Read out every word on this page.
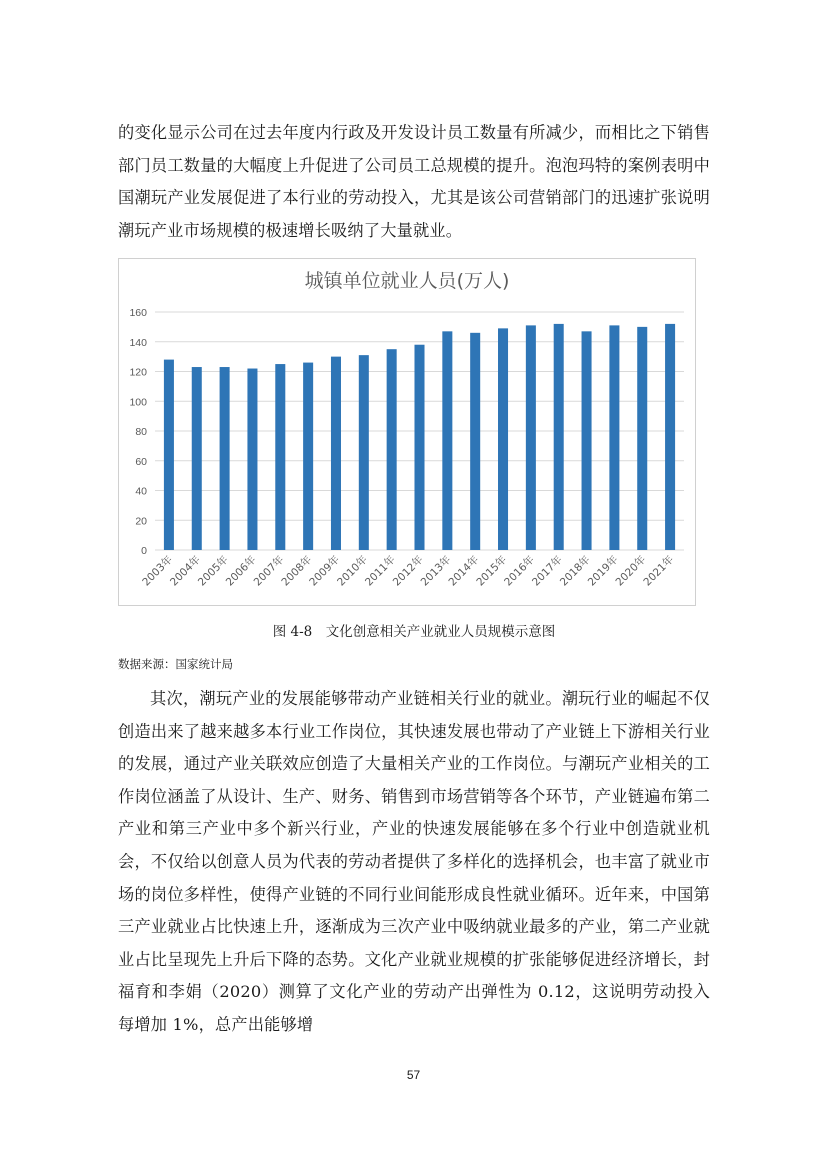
的变化显示公司在过去年度内行政及开发设计员工数量有所减少，而相比之下销售部门员工数量的大幅度上升促进了公司员工总规模的提升。泡泡玛特的案例表明中国潮玩产业发展促进了本行业的劳动投入，尤其是该公司营销部门的迅速扩张说明潮玩产业市场规模的极速增长吸纳了大量就业。

城镇单位就业人员(万人)
0
20
40
60
80
100
120
140
160
2003年
2004年
2005年
2006年
2007年
2008年
2009年
2010年
2011年
2012年
2013年
2014年
2015年
2016年
2017年
2018年
2019年
2020年
2021年

图 4-8　文化创意相关产业就业人员规模示意图

数据来源：国家统计局

其次，潮玩产业的发展能够带动产业链相关行业的就业。潮玩行业的崛起不仅创造出来了越来越多本行业工作岗位，其快速发展也带动了产业链上下游相关行业的发展，通过产业关联效应创造了大量相关产业的工作岗位。与潮玩产业相关的工作岗位涵盖了从设计、生产、财务、销售到市场营销等各个环节，产业链遍布第二产业和第三产业中多个新兴行业，产业的快速发展能够在多个行业中创造就业机会，不仅给以创意人员为代表的劳动者提供了多样化的选择机会，也丰富了就业市场的岗位多样性，使得产业链的不同行业间能形成良性就业循环。近年来，中国第三产业就业占比快速上升，逐渐成为三次产业中吸纳就业最多的产业，第二产业就业占比呈现先上升后下降的态势。文化产业就业规模的扩张能够促进经济增长，封福育和李娟（2020）测算了文化产业的劳动产出弹性为 0.12，这说明劳动投入每增加 1%，总产出能够增

57
